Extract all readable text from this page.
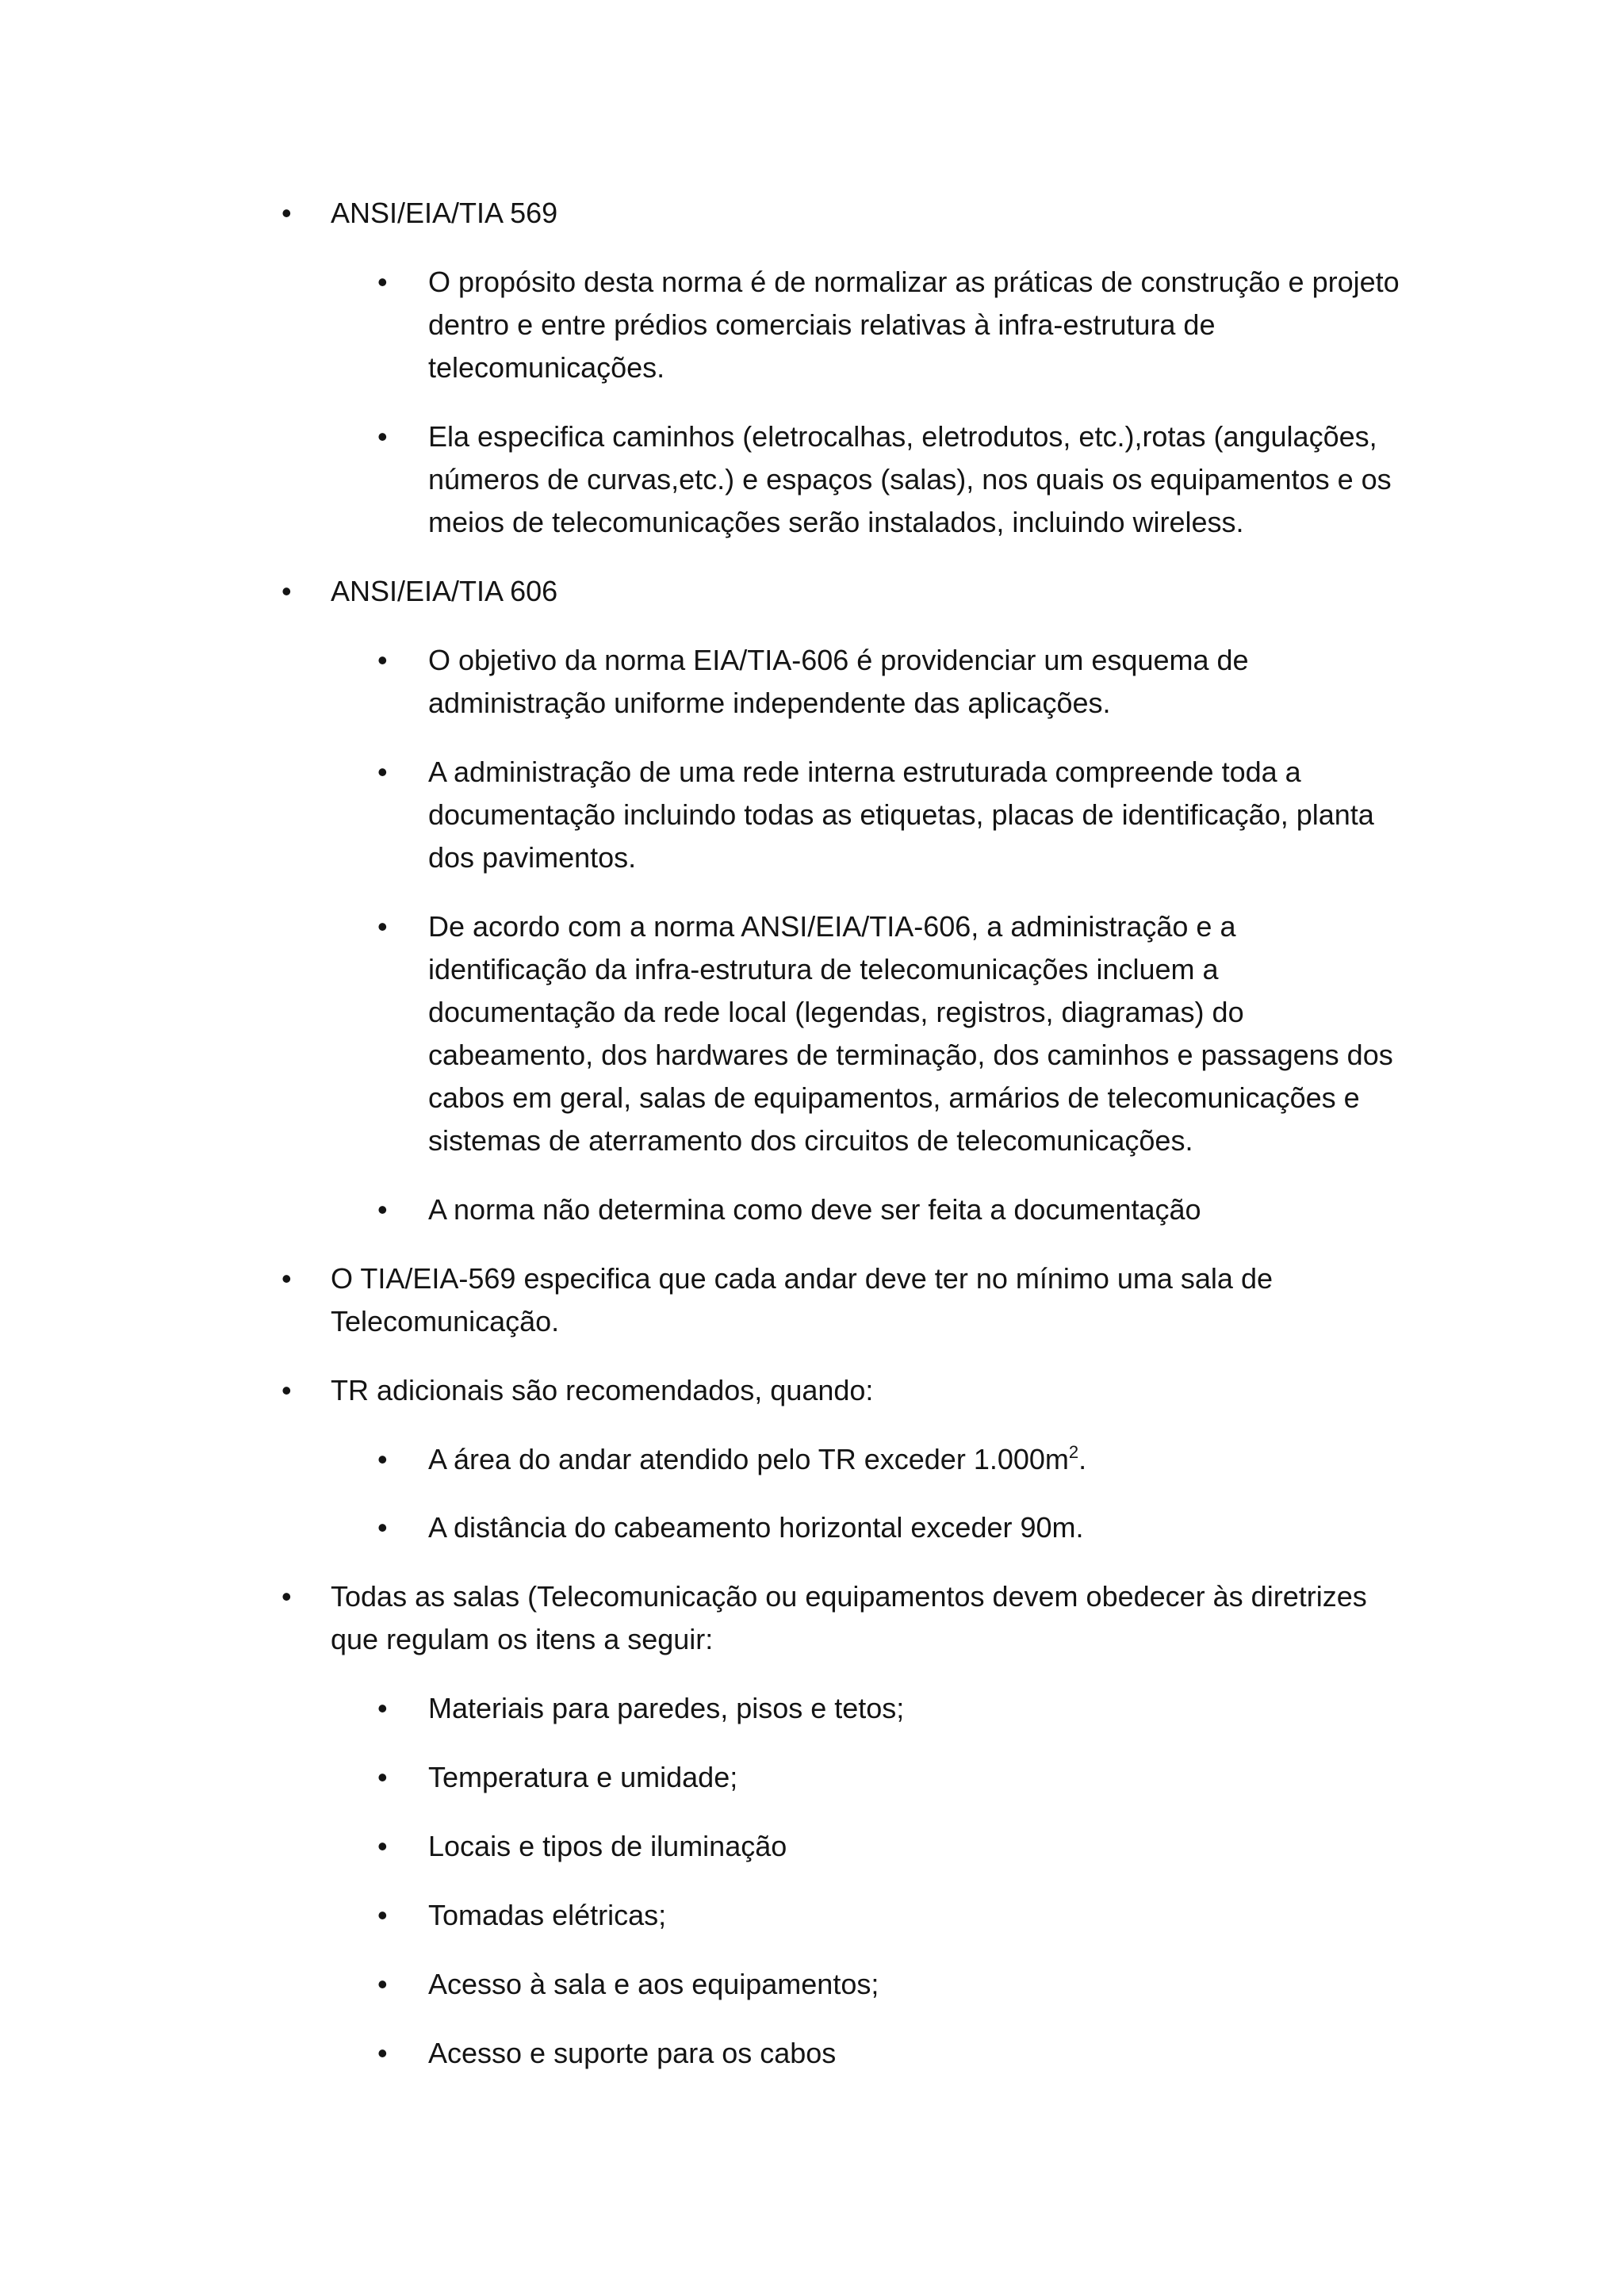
• ANSI/EIA/TIA 569
• O propósito desta norma é de normalizar as práticas de construção e projeto dentro e entre prédios comerciais relativas à infra-estrutura de telecomunicações.
• Ela especifica caminhos (eletrocalhas, eletrodutos, etc.),rotas (angulações, números de curvas,etc.) e espaços (salas), nos quais os equipamentos e os meios de telecomunicações serão instalados, incluindo wireless.
• ANSI/EIA/TIA 606
• O objetivo da norma EIA/TIA-606 é providenciar um esquema de administração uniforme independente das aplicações.
• A administração de uma rede interna estruturada compreende toda a documentação incluindo todas as etiquetas, placas de identificação, planta dos pavimentos.
• De acordo com a norma ANSI/EIA/TIA-606, a administração e a identificação da infra-estrutura de telecomunicações incluem a documentação da rede local (legendas, registros, diagramas) do cabeamento, dos hardwares de terminação, dos caminhos e passagens dos cabos em geral, salas de equipamentos, armários de telecomunicações e sistemas de aterramento dos circuitos de telecomunicações.
• A norma não determina como deve ser feita a documentação
• O TIA/EIA-569 especifica que cada andar deve ter no mínimo uma sala de Telecomunicação.
• TR adicionais são recomendados, quando:
• A área do andar atendido pelo TR exceder $1.000m^2$.
• A distância do cabeamento horizontal exceder 90m.
• Todas as salas (Telecomunicação ou equipamentos devem obedecer às diretrizes que regulam os itens a seguir:
• Materiais para paredes, pisos e tetos;
• Temperatura e umidade;
• Locais e tipos de iluminação
• Tomadas elétricas;
• Acesso à sala e aos equipamentos;
• Acesso e suporte para os cabos
